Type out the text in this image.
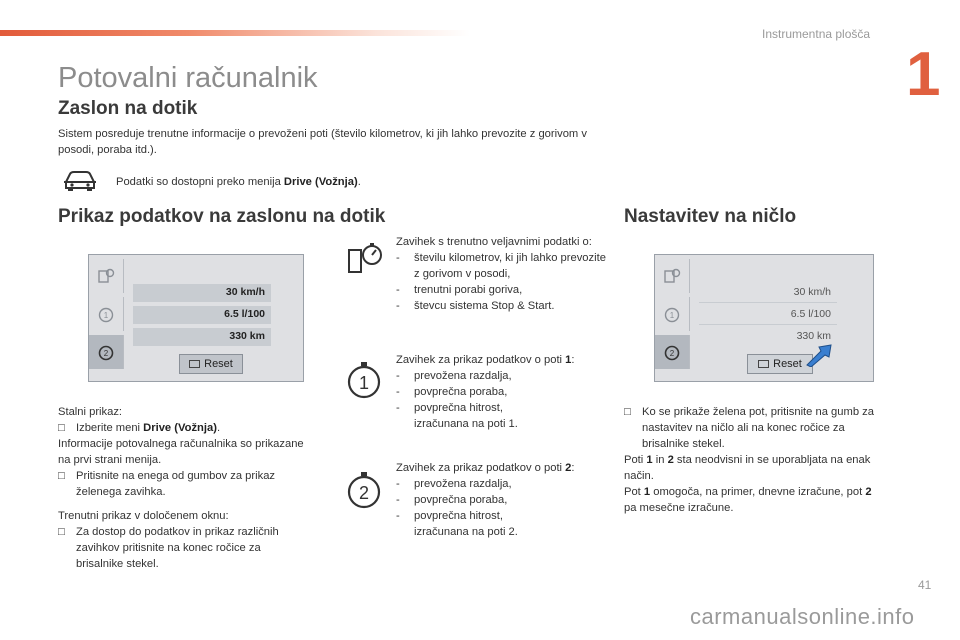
Instrumentna plošča
1
Potovalni računalnik
Zaslon na dotik
Sistem posreduje trenutne informacije o prevoženi poti (število kilometrov, ki jih lahko prevozite z gorivom v posodi, poraba itd.).
Podatki so dostopni preko menija Drive (Vožnja).
Prikaz podatkov na zaslonu na dotik
1
2
30 km/h
6.5 l/100
330 km
Reset
Stalni prikaz:
□	Izberite meni Drive (Vožnja).
Informacije potovalnega računalnika so prikazane na prvi strani menija.
□	Pritisnite na enega od gumbov za prikaz želenega zavihka.
Trenutni prikaz v določenem oknu:
□	Za dostop do podatkov in prikaz različnih zavihkov pritisnite na konec ročice za brisalnike stekel.
Zavihek s trenutno veljavnimi podatki o:
-	številu kilometrov, ki jih lahko prevozite z gorivom v posodi,
-	trenutni porabi goriva,
-	števcu sistema Stop & Start.
1
Zavihek za prikaz podatkov o poti 1:
-	prevožena razdalja,
-	povprečna poraba,
-	povprečna hitrost, izračunana na poti 1.
2
Zavihek za prikaz podatkov o poti 2:
-	prevožena razdalja,
-	povprečna poraba,
-	povprečna hitrost, izračunana na poti 2.
Nastavitev na ničlo
1
2
30 km/h
6.5 l/100
330 km
Reset
□	Ko se prikaže želena pot, pritisnite na gumb za nastavitev na ničlo ali na konec ročice za brisalnike stekel.
Poti 1 in 2 sta neodvisni in se uporabljata na enak način.
Pot 1 omogoča, na primer, dnevne izračune, pot 2 pa mesečne izračune.
41
carmanualsonline.info
